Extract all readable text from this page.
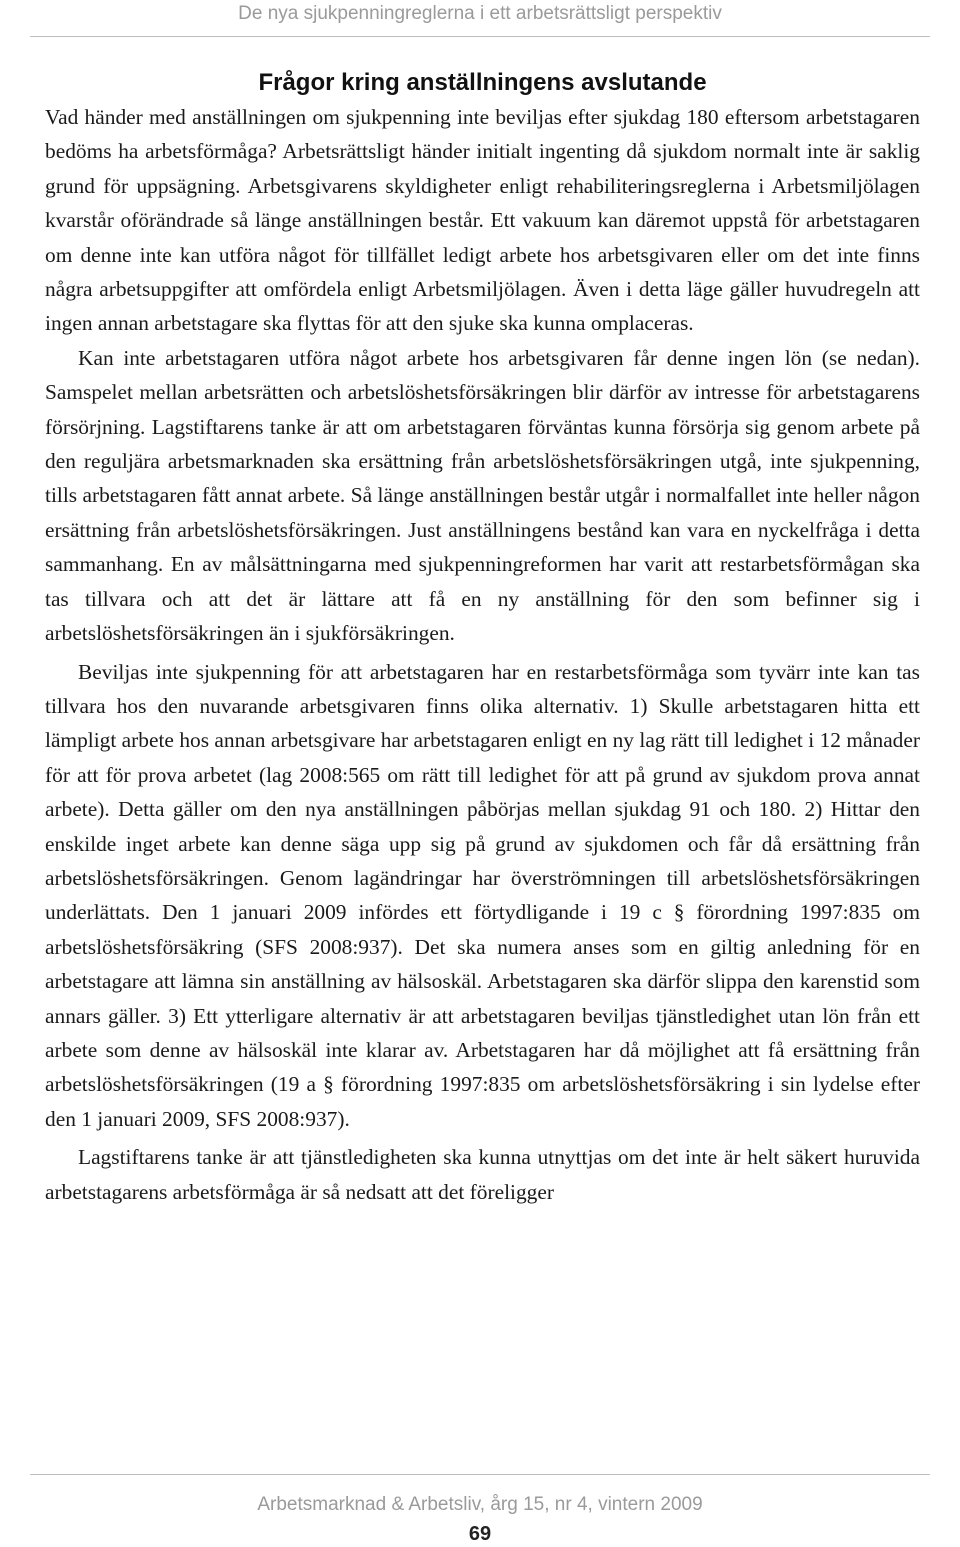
De nya sjukpenningreglerna i ett arbetsrättsligt perspektiv
Frågor kring anställningens avslutande

Vad händer med anställningen om sjukpenning inte beviljas efter sjukdag 180 eftersom arbetstagaren bedöms ha arbetsförmåga? Arbetsrättsligt händer initialt ingenting då sjukdom normalt inte är saklig grund för uppsägning. Arbetsgivarens skyldigheter enligt rehabiliteringsreglerna i Arbetsmiljölagen kvarstår oförändrade så länge anställningen består. Ett vakuum kan däremot uppstå för arbetstagaren om denne inte kan utföra något för tillfället ledigt arbete hos arbetsgivaren eller om det inte finns några arbetsuppgifter att omfördela enligt Arbetsmiljölagen. Även i detta läge gäller huvudregeln att ingen annan arbetstagare ska flyttas för att den sjuke ska kunna omplaceras.

Kan inte arbetstagaren utföra något arbete hos arbetsgivaren får denne ingen lön (se nedan). Samspelet mellan arbetsrätten och arbetslöshetsförsäkringen blir därför av intresse för arbetstagarens försörjning. Lagstiftarens tanke är att om arbetstagaren förväntas kunna försörja sig genom arbete på den reguljära arbetsmarknaden ska ersättning från arbetslöshetsförsäkringen utgå, inte sjukpenning, tills arbetstagaren fått annat arbete. Så länge anställningen består utgår i normalfallet inte heller någon ersättning från arbetslöshetsförsäkringen. Just anställningens bestånd kan vara en nyckelfråga i detta sammanhang. En av målsättningarna med sjukpenningreformen har varit att restarbetsförmågan ska tas tillvara och att det är lättare att få en ny anställning för den som befinner sig i arbetslöshetsförsäkringen än i sjukförsäkringen.

Beviljas inte sjukpenning för att arbetstagaren har en restarbetsförmåga som tyvärr inte kan tas tillvara hos den nuvarande arbetsgivaren finns olika alternativ. 1) Skulle arbetstagaren hitta ett lämpligt arbete hos annan arbetsgivare har arbetstagaren enligt en ny lag rätt till ledighet i 12 månader för att för prova arbetet (lag 2008:565 om rätt till ledighet för att på grund av sjukdom prova annat arbete). Detta gäller om den nya anställningen påbörjas mellan sjukdag 91 och 180. 2) Hittar den enskilde inget arbete kan denne säga upp sig på grund av sjukdomen och får då ersättning från arbetslöshetsförsäkringen. Genom lagändringar har överströmningen till arbetslöshetsförsäkringen underlättats. Den 1 januari 2009 infördes ett förtydligande i 19 c § förordning 1997:835 om arbetslöshetsförsäkring (SFS 2008:937). Det ska numera anses som en giltig anledning för en arbetstagare att lämna sin anställning av hälsoskäl. Arbetstagaren ska därför slippa den karenstid som annars gäller. 3) Ett ytterligare alternativ är att arbetstagaren beviljas tjänstledighet utan lön från ett arbete som denne av hälsoskäl inte klarar av. Arbetstagaren har då möjlighet att få ersättning från arbetslöshetsförsäkringen (19 a § förordning 1997:835 om arbetslöshetsförsäkring i sin lydelse efter den 1 januari 2009, SFS 2008:937).

Lagstiftarens tanke är att tjänstledigheten ska kunna utnyttjas om det inte är helt säkert huruvida arbetstagarens arbetsförmåga är så nedsatt att det föreligger

Arbetsmarknad & Arbetsliv, årg 15, nr 4, vintern 2009
69
